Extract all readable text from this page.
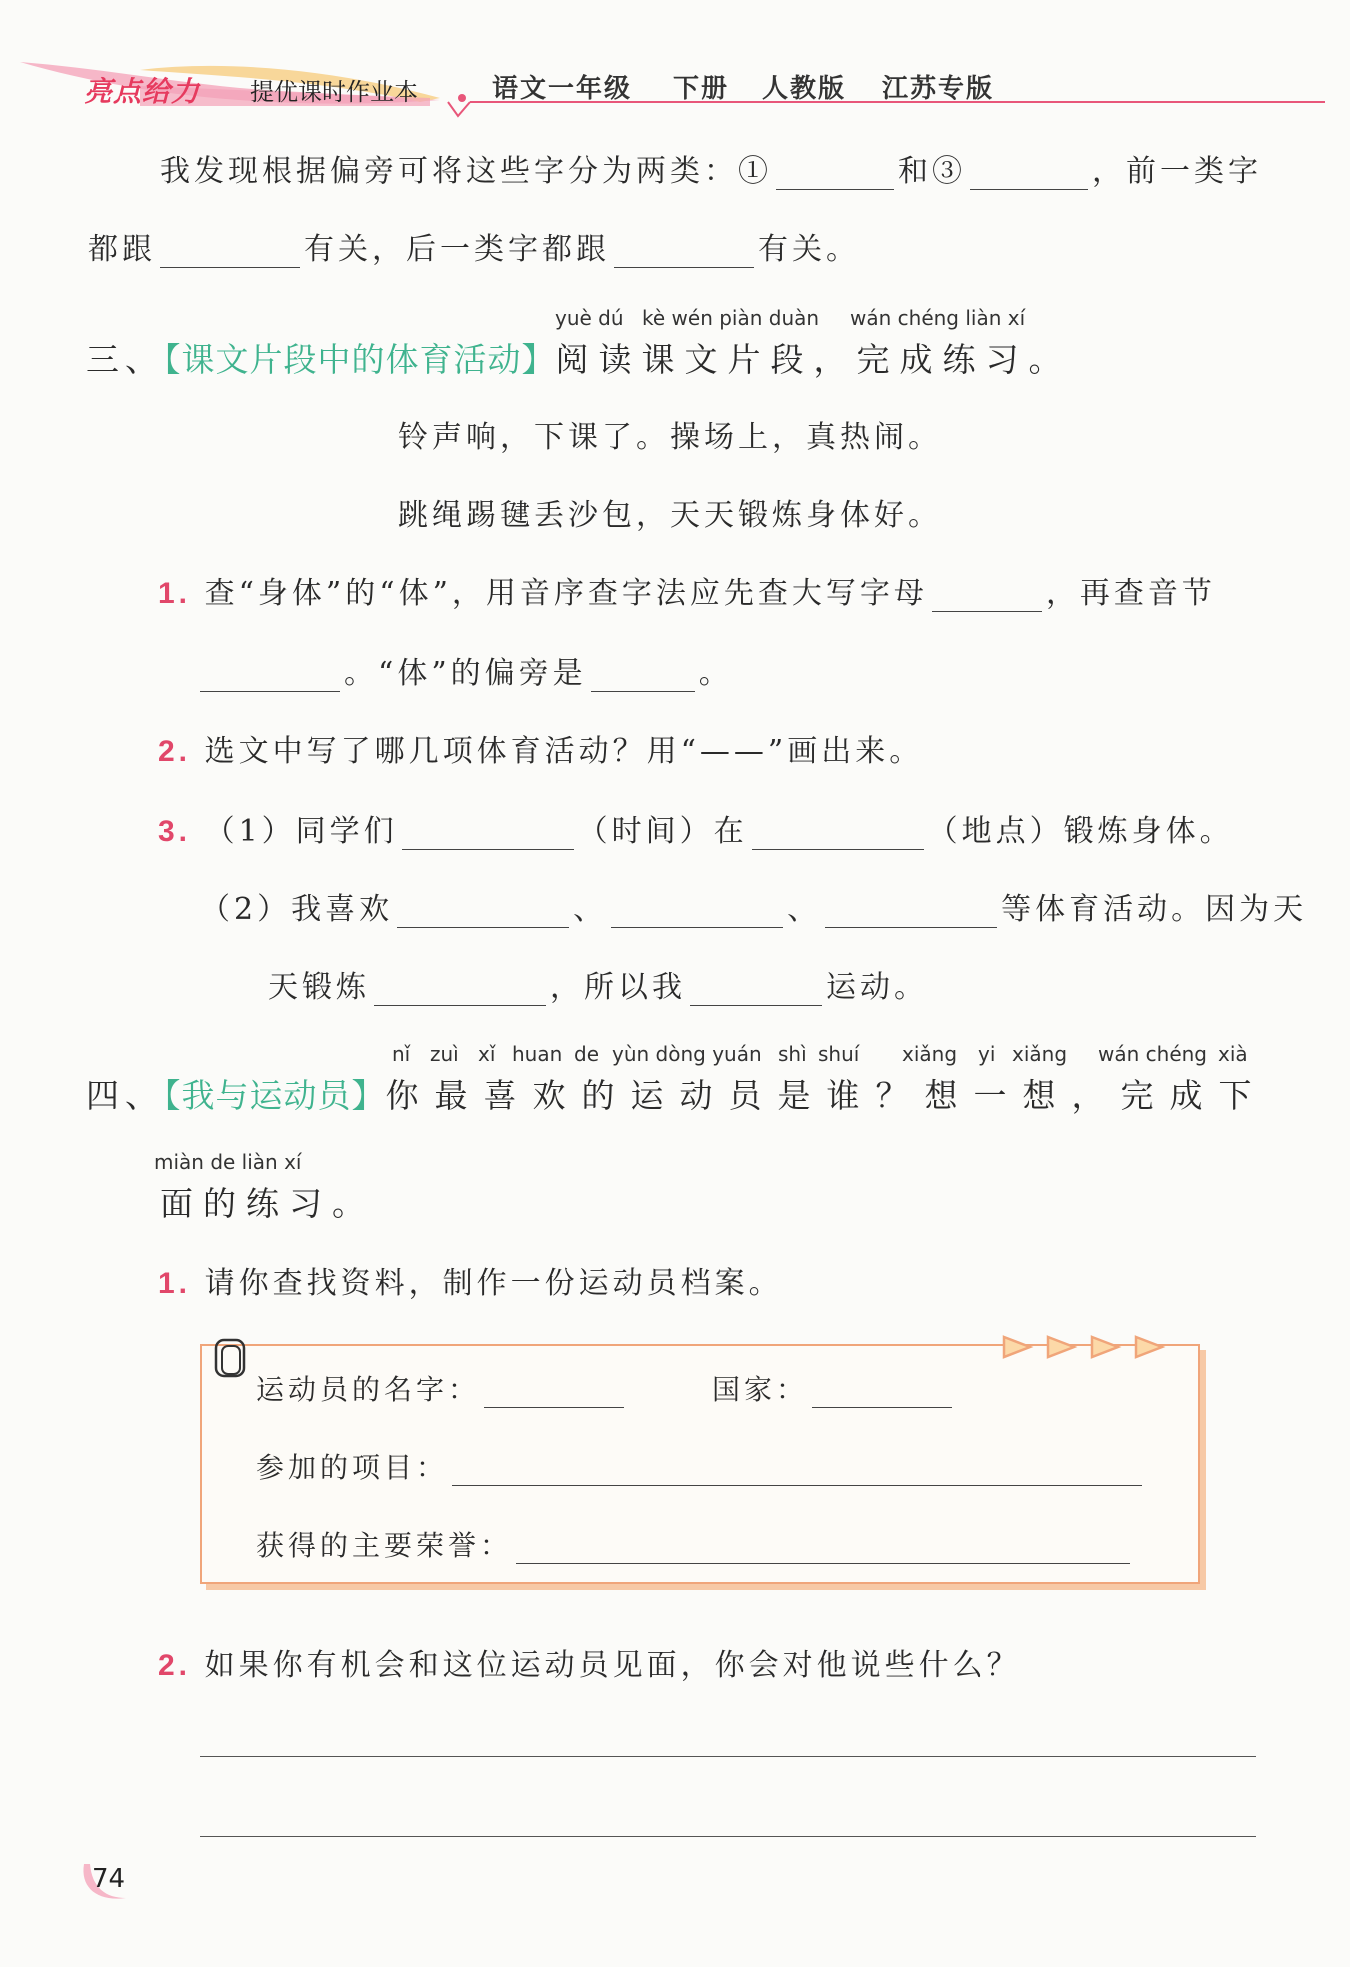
亮点给力 提优课时作业本	语文一年级 下册 人教版 江苏专版
我发现根据偏旁可将这些字分为两类：①	和③	，前一类字
都跟	有关，后一类字都跟	有关。
yuè dú kè wén piàn duàn wán chéng liàn xí
三、【课文片段中的体育活动】阅读课文片段，完成练习。
铃声响，下课了。操场上，真热闹。
跳绳踢毽丢沙包，天天锻炼身体好。
1. 查“身体”的“体”，用音序查字法应先查大写字母	，再查音节
。“体”的偏旁是	。
2. 选文中写了哪几项体育活动？用“——”画出来。
3. （1）同学们	（时间）在	（地点）锻炼身体。
（2）我喜欢	、	、	等体育活动。因为天
天锻炼	，所以我	运动。
nǐ zuì xǐ huan de yùn dòng yuán shì shuí xiǎng yi xiǎng wán chéng xià
四、【我与运动员】你最喜欢的运动员是谁？想一想，完成下
miàn de liàn xí
面的练习。
1. 请你查找资料，制作一份运动员档案。
运动员的名字：	国家：
参加的项目：
获得的主要荣誉：
2. 如果你有机会和这位运动员见面，你会对他说些什么？
74
